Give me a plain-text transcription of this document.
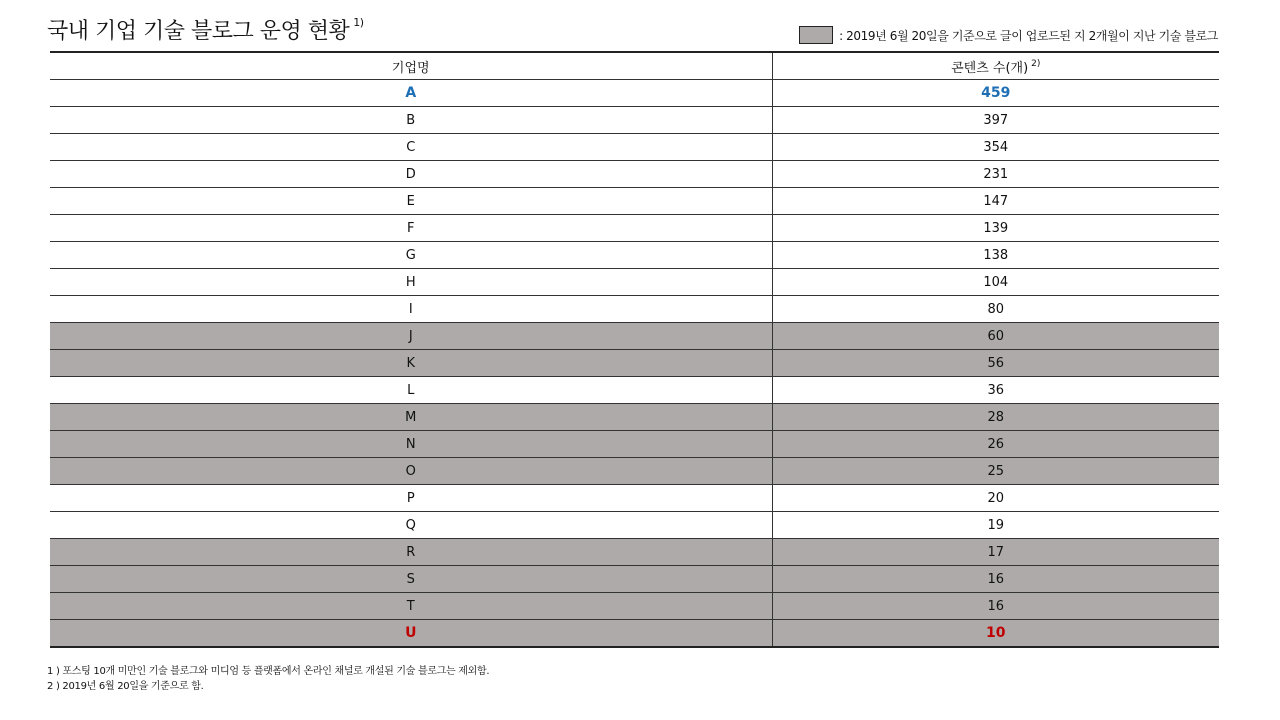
국내 기업 기술 블로그 운영 현황 $^{1)}$
: 2019년 6월 20일을 기준으로 글이 업로드된 지 2개월이 지난 기술 블로그
기업명	콘텐츠 수(개) $^{2)}$
A	459
B	397
C	354
D	231
E	147
F	139
G	138
H	104
I	80
J	60
K	56
L	36
M	28
N	26
O	25
P	20
Q	19
R	17
S	16
T	16
U	10
1 ) 포스팅 10개 미만인 기술 블로그와 미디엄 등 플랫폼에서 온라인 채널로 개설된 기술 블로그는 제외함.
2 ) 2019년 6월 20일을 기준으로 함.
